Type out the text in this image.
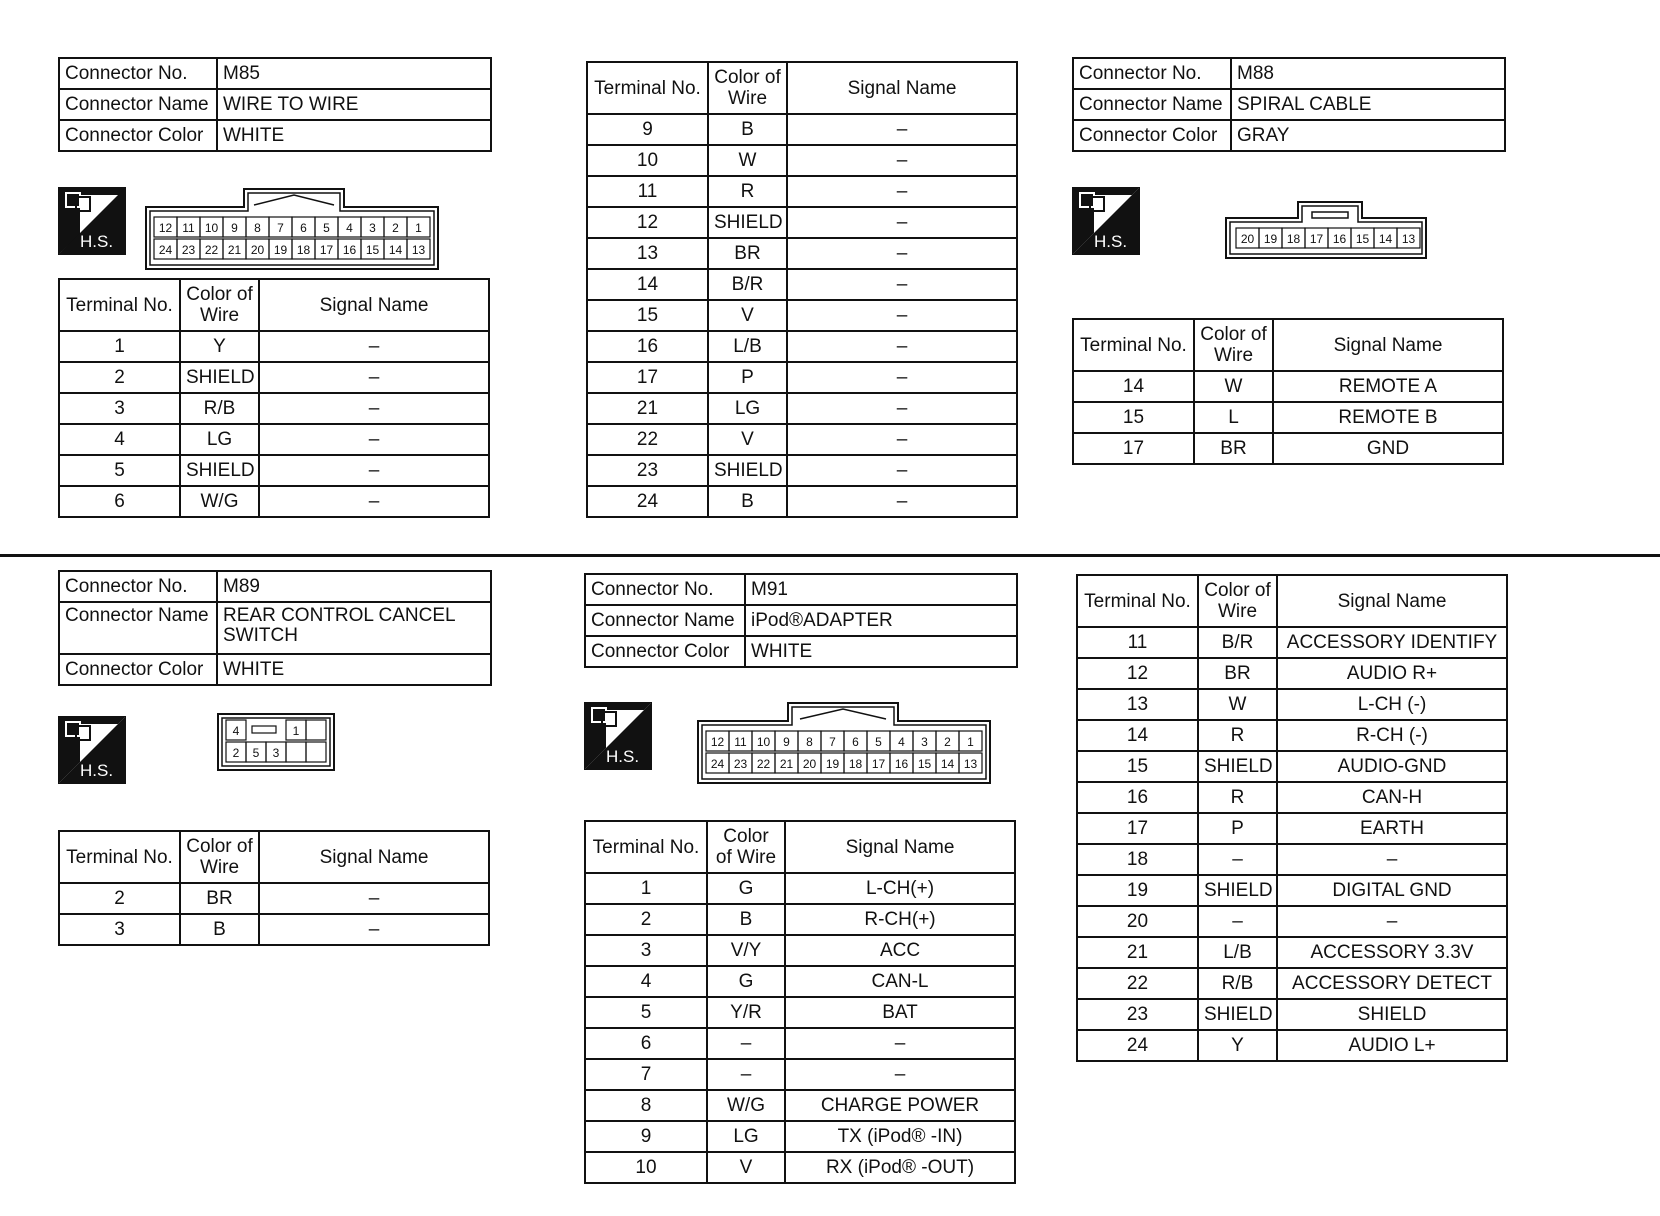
Connector No.	M85
Connector Name	WIRE TO WIRE
Connector Color	WHITE
H.S.
12 11 10 9 8 7 6 5 4 3 2 1
24 23 22 21 20 19 18 17 16 15 14 13
Terminal No.	Color of Wire	Signal Name
1	Y	–
2	SHIELD	–
3	R/B	–
4	LG	–
5	SHIELD	–
6	W/G	–
Terminal No.	Color of Wire	Signal Name
9	B	–
10	W	–
11	R	–
12	SHIELD	–
13	BR	–
14	B/R	–
15	V	–
16	L/B	–
17	P	–
21	LG	–
22	V	–
23	SHIELD	–
24	B	–
Connector No.	M88
Connector Name	SPIRAL CABLE
Connector Color	GRAY
H.S.	20 19 18 17 16 15 14 13
Terminal No.	Color of Wire	Signal Name
14	W	REMOTE A
15	L	REMOTE B
17	BR	GND
Connector No.	M89
Connector Name	REAR CONTROL CANCEL SWITCH
Connector Color	WHITE
H.S.
4	1
2 5 3
Terminal No.	Color of Wire	Signal Name
2	BR	–
3	B	–
Connector No.	M91
Connector Name	iPod®ADAPTER
Connector Color	WHITE
H.S.
12 11 10 9 8 7 6 5 4 3 2 1
24 23 22 21 20 19 18 17 16 15 14 13
Terminal No.	Color of Wire	Signal Name
1	G	L-CH(+)
2	B	R-CH(+)
3	V/Y	ACC
4	G	CAN-L
5	Y/R	BAT
6	–	–
7	–	–
8	W/G	CHARGE POWER
9	LG	TX (iPod® -IN)
10	V	RX (iPod® -OUT)
Terminal No.	Color of Wire	Signal Name
11	B/R	ACCESSORY IDENTIFY
12	BR	AUDIO R+
13	W	L-CH (-)
14	R	R-CH (-)
15	SHIELD	AUDIO-GND
16	R	CAN-H
17	P	EARTH
18	–	–
19	SHIELD	DIGITAL GND
20	–	–
21	L/B	ACCESSORY 3.3V
22	R/B	ACCESSORY DETECT
23	SHIELD	SHIELD
24	Y	AUDIO L+
